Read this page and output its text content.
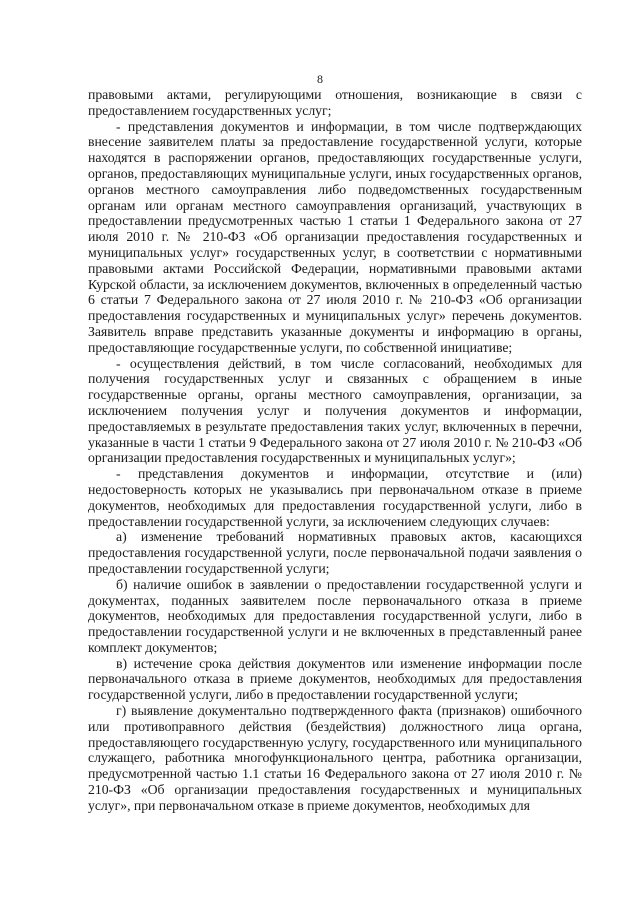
8

правовыми актами, регулирующими отношения, возникающие в связи с предоставлением государственных услуг;

- представления документов и информации, в том числе подтверждающих внесение заявителем платы за предоставление государственной услуги, которые находятся в распоряжении органов, предоставляющих государственные услуги, органов, предоставляющих муниципальные услуги, иных государственных органов, органов местного самоуправления либо подведомственных государственным органам или органам местного самоуправления организаций, участвующих в предоставлении предусмотренных частью 1 статьи 1 Федерального закона от 27 июля 2010 г. № 210-ФЗ «Об организации предоставления государственных и муниципальных услуг» государственных услуг, в соответствии с нормативными правовыми актами Российской Федерации, нормативными правовыми актами Курской области, за исключением документов, включенных в определенный частью 6 статьи 7 Федерального закона от 27 июля 2010 г. № 210-ФЗ «Об организации предоставления государственных и муниципальных услуг» перечень документов. Заявитель вправе представить указанные документы и информацию в органы, предоставляющие государственные услуги, по собственной инициативе;

- осуществления действий, в том числе согласований, необходимых для получения государственных услуг и связанных с обращением в иные государственные органы, органы местного самоуправления, организации, за исключением получения услуг и получения документов и информации, предоставляемых в результате предоставления таких услуг, включенных в перечни, указанные в части 1 статьи 9 Федерального закона от 27 июля 2010 г. № 210-ФЗ «Об организации предоставления государственных и муниципальных услуг»;

- представления документов и информации, отсутствие и (или) недостоверность которых не указывались при первоначальном отказе в приеме документов, необходимых для предоставления государственной услуги, либо в предоставлении государственной услуги, за исключением следующих случаев:

а) изменение требований нормативных правовых актов, касающихся предоставления государственной услуги, после первоначальной подачи заявления о предоставлении государственной услуги;

б) наличие ошибок в заявлении о предоставлении государственной услуги и документах, поданных заявителем после первоначального отказа в приеме документов, необходимых для предоставления государственной услуги, либо в предоставлении государственной услуги и не включенных в представленный ранее комплект документов;

в) истечение срока действия документов или изменение информации после первоначального отказа в приеме документов, необходимых для предоставления государственной услуги, либо в предоставлении государственной услуги;

г) выявление документально подтвержденного факта (признаков) ошибочного или противоправного действия (бездействия) должностного лица органа, предоставляющего государственную услугу, государственного или муниципального служащего, работника многофункционального центра, работника организации, предусмотренной частью 1.1 статьи 16 Федерального закона от 27 июля 2010 г. № 210-ФЗ «Об организации предоставления государственных и муниципальных услуг», при первоначальном отказе в приеме документов, необходимых для
